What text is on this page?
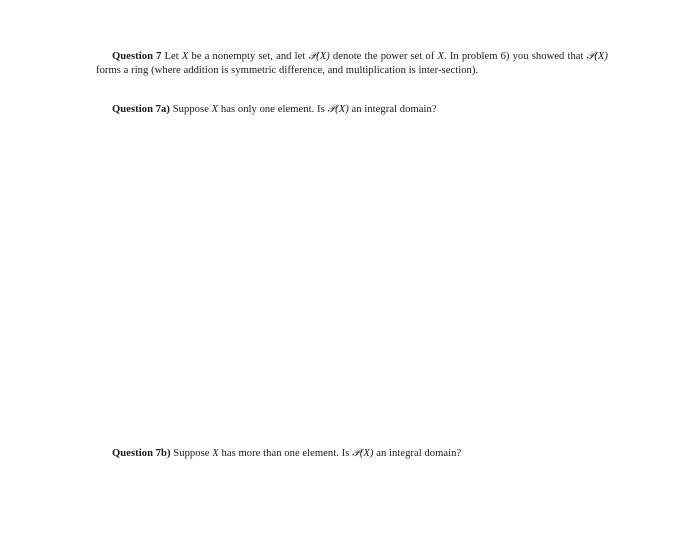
Question 7 Let X be a nonempty set, and let 𝒫(X) denote the power set of X. In problem 6) you showed that 𝒫(X) forms a ring (where addition is symmetric difference, and multiplication is inter-section).

Question 7a) Suppose X has only one element. Is 𝒫(X) an integral domain?

Question 7b) Suppose X has more than one element. Is 𝒫(X) an integral domain?
